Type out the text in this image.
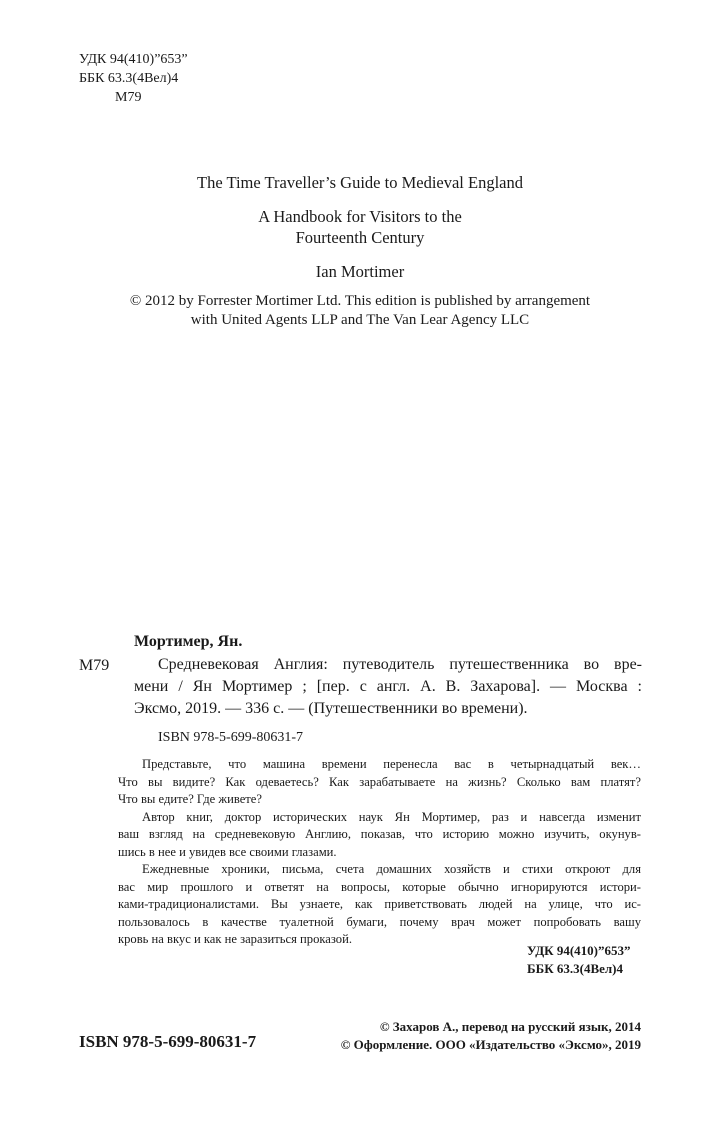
УДК 94(410)”653”
ББК 63.3(4Вел)4
М79
The Time Traveller’s Guide to Medieval England
A Handbook for Visitors to the
Fourteenth Century
Ian Mortimer
© 2012 by Forrester Mortimer Ltd. This edition is published by arrangement
with United Agents LLP and The Van Lear Agency LLC
Мортимер, Ян.
М79	Средневековая Англия: путеводитель путешественника во вре-
мени / Ян Мортимер ; [пер. с англ. А. В. Захарова]. — Москва :
Эксмо, 2019. — 336 с. — (Путешественники во времени).
ISBN 978-5-699-80631-7
Представьте, что машина времени перенесла вас в четырнадцатый век…
Что вы видите? Как одеваетесь? Как зарабатываете на жизнь? Сколько вам платят?
Что вы едите? Где живете?
Автор книг, доктор исторических наук Ян Мортимер, раз и навсегда изменит
ваш взгляд на средневековую Англию, показав, что историю можно изучить, окунув-
шись в нее и увидев все своими глазами.
Ежедневные хроники, письма, счета домашних хозяйств и стихи откроют для
вас мир прошлого и ответят на вопросы, которые обычно игнорируются истори-
ками-традиционалистами. Вы узнаете, как приветствовать людей на улице, что ис-
пользовалось в качестве туалетной бумаги, почему врач может попробовать вашу
кровь на вкус и как не заразиться проказой.
УДК 94(410)”653”
ББК 63.3(4Вел)4
ISBN 978-5-699-80631-7
© Захаров А., перевод на русский язык, 2014
© Оформление. ООО «Издательство «Эксмо», 2019
